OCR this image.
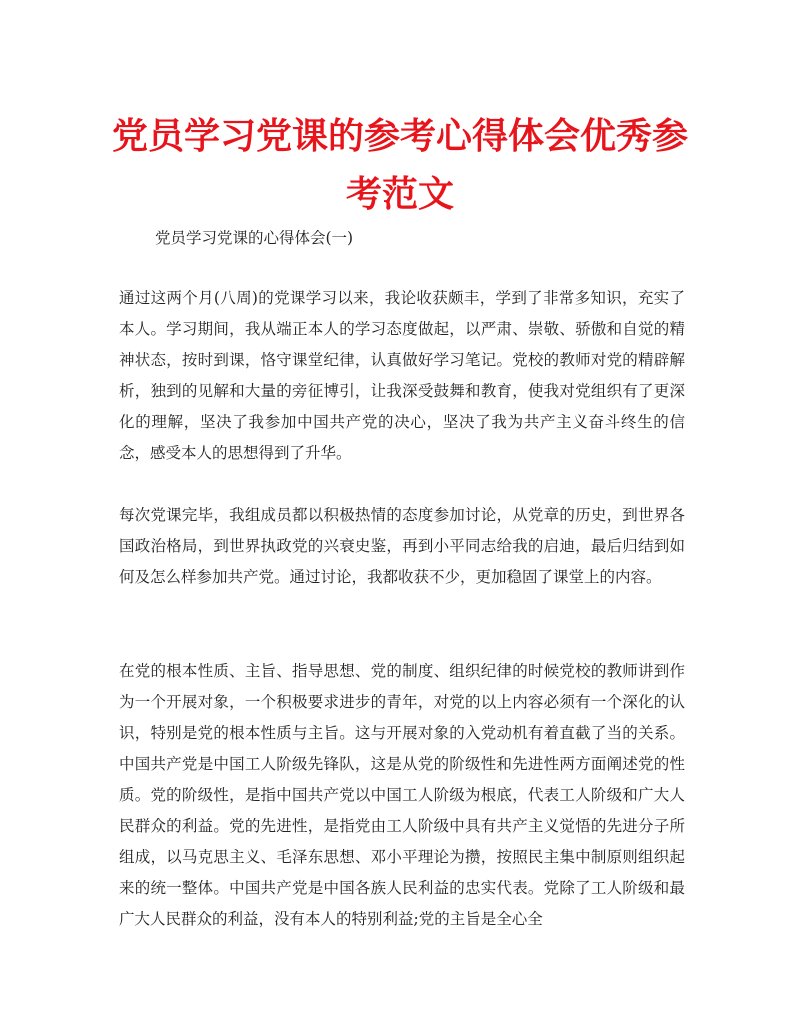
党员学习党课的参考心得体会优秀参考范文

党员学习党课的心得体会(一)

通过这两个月(八周)的党课学习以来，我论收获颇丰，学到了非常多知识，充实了本人。学习期间，我从端正本人的学习态度做起，以严肃、崇敬、骄傲和自觉的精神状态，按时到课，恪守课堂纪律，认真做好学习笔记。党校的教师对党的精辟解析，独到的见解和大量的旁征博引，让我深受鼓舞和教育，使我对党组织有了更深化的理解，坚决了我参加中国共产党的决心，坚决了我为共产主义奋斗终生的信念，感受本人的思想得到了升华。

每次党课完毕，我组成员都以积极热情的态度参加讨论，从党章的历史，到世界各国政治格局，到世界执政党的兴衰史鉴，再到小平同志给我的启迪，最后归结到如何及怎么样参加共产党。通过讨论，我都收获不少，更加稳固了课堂上的内容。

在党的根本性质、主旨、指导思想、党的制度、组织纪律的时候党校的教师讲到作为一个开展对象，一个积极要求进步的青年，对党的以上内容必须有一个深化的认识，特别是党的根本性质与主旨。这与开展对象的入党动机有着直截了当的关系。中国共产党是中国工人阶级先锋队，这是从党的阶级性和先进性两方面阐述党的性质。党的阶级性，是指中国共产党以中国工人阶级为根底，代表工人阶级和广大人民群众的利益。党的先进性，是指党由工人阶级中具有共产主义觉悟的先进分子所组成，以马克思主义、毛泽东思想、邓小平理论为攒，按照民主集中制原则组织起来的统一整体。中国共产党是中国各族人民利益的忠实代表。党除了工人阶级和最广大人民群众的利益，没有本人的特别利益;党的主旨是全心全
